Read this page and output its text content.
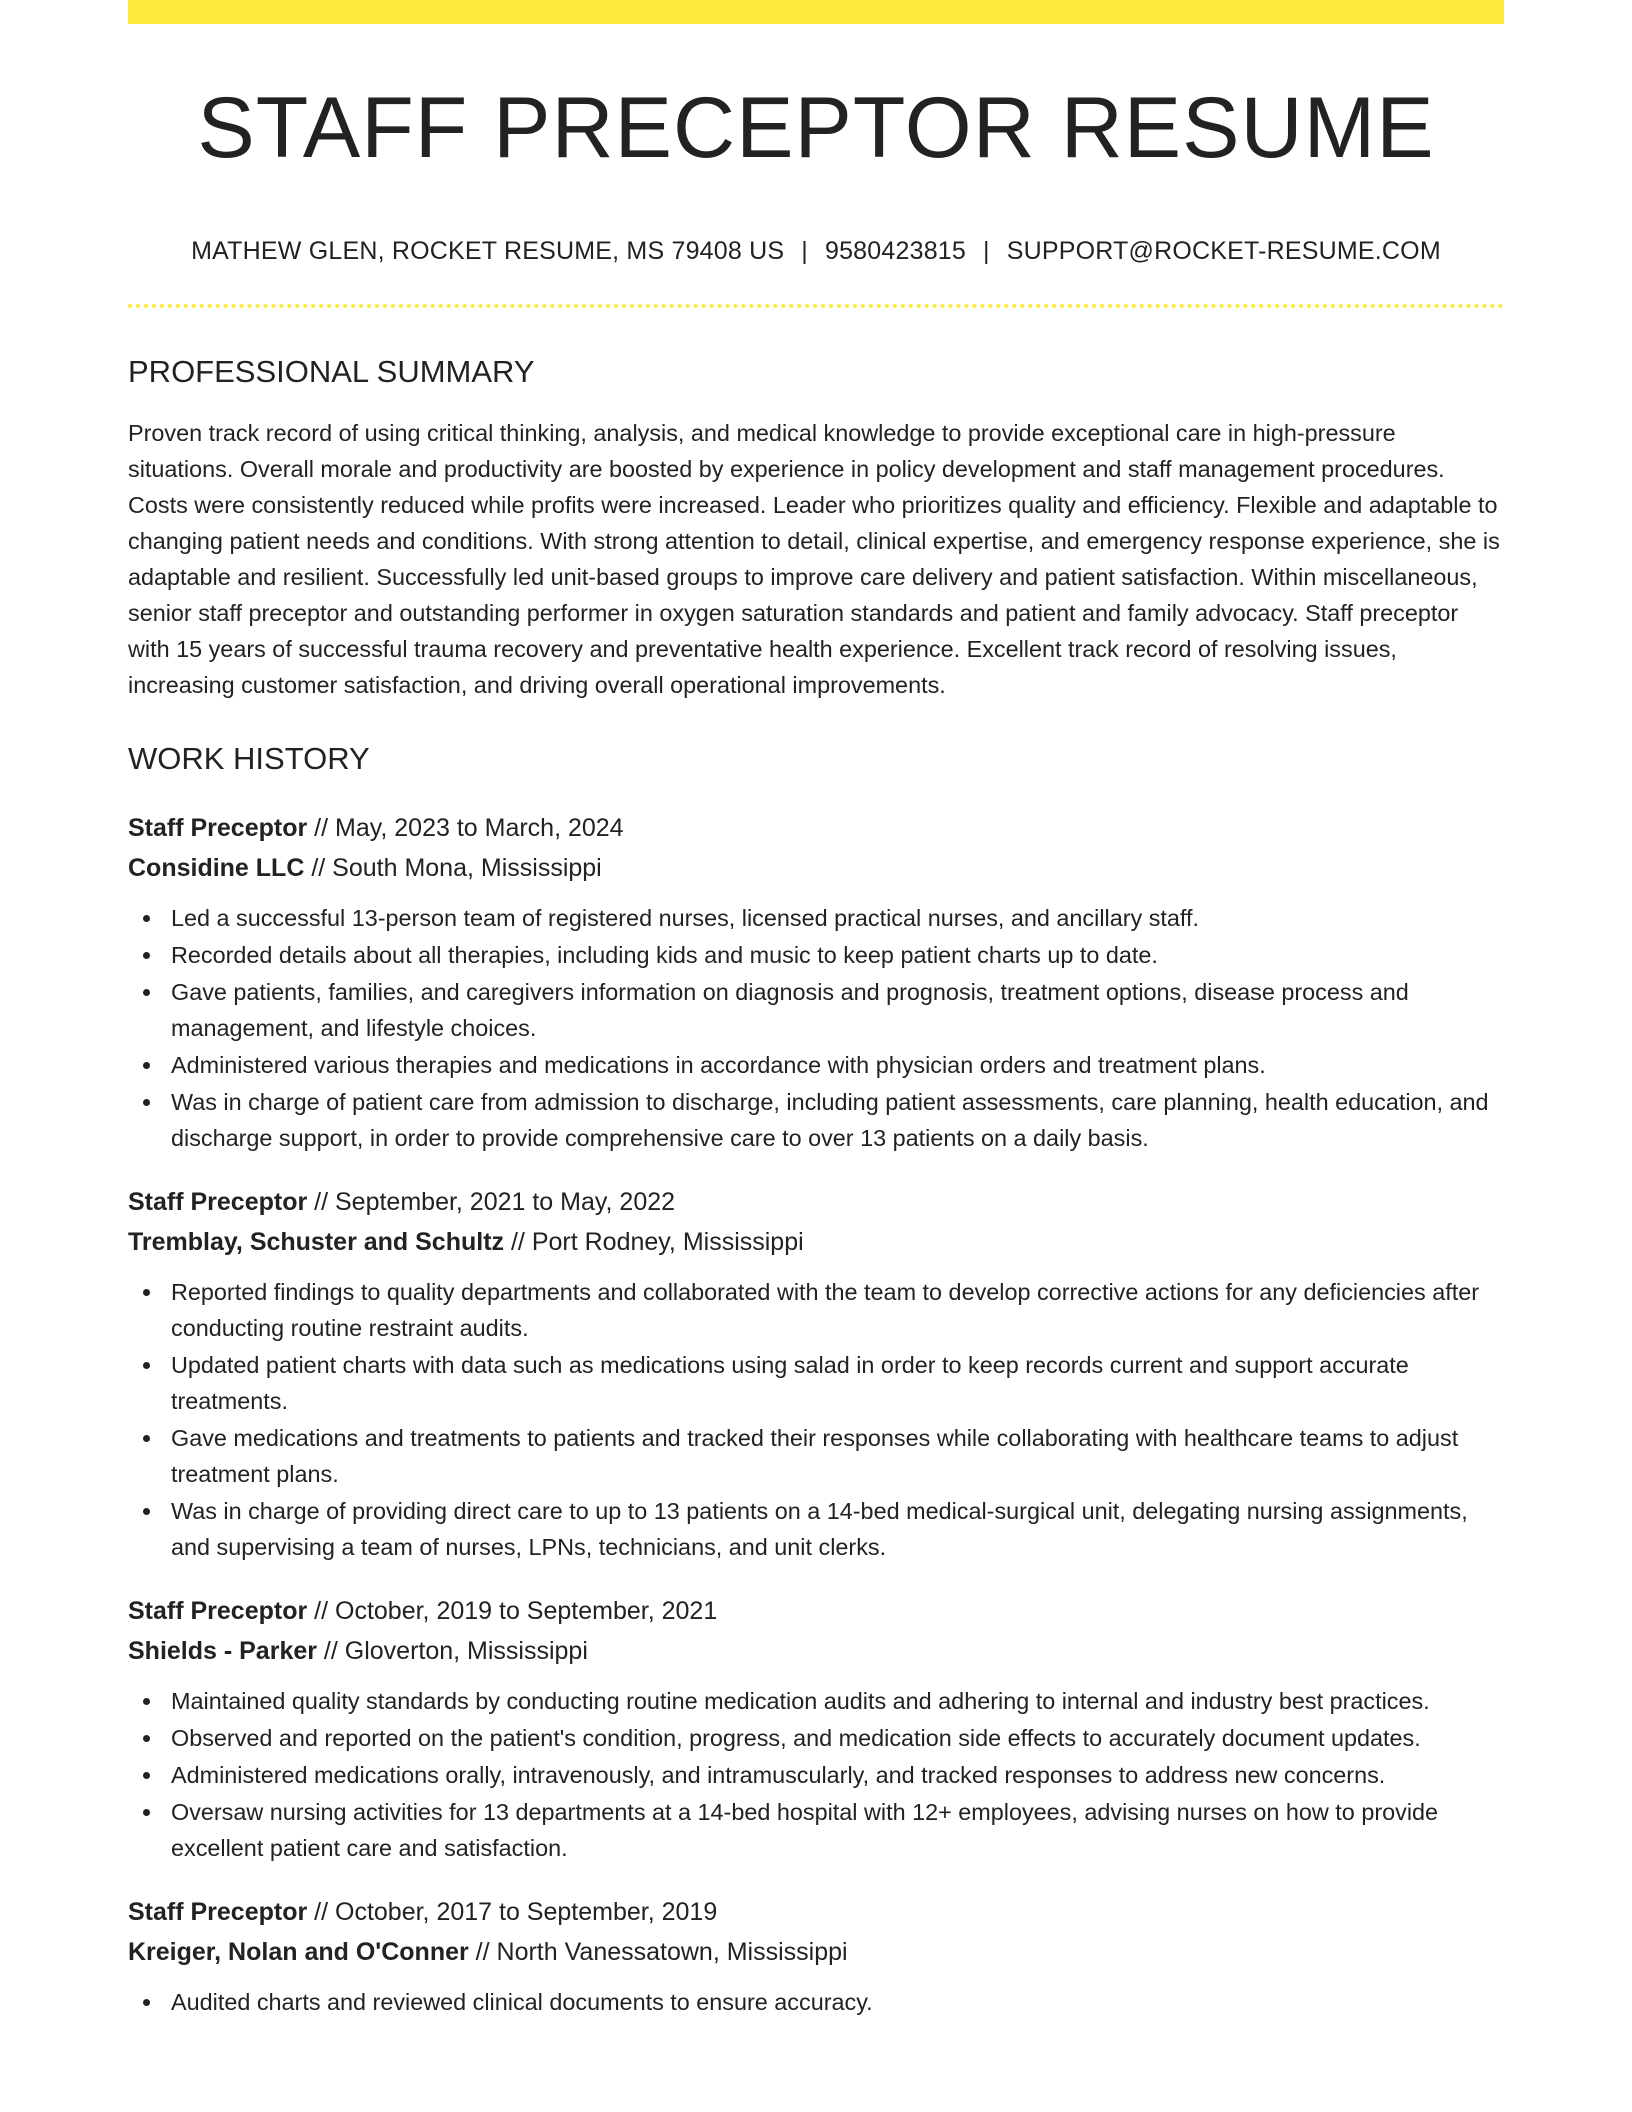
STAFF PRECEPTOR RESUME
MATHEW GLEN, ROCKET RESUME, MS 79408 US | 9580423815 | SUPPORT@ROCKET-RESUME.COM
PROFESSIONAL SUMMARY

Proven track record of using critical thinking, analysis, and medical knowledge to provide exceptional care in high-pressure situations. Overall morale and productivity are boosted by experience in policy development and staff management procedures. Costs were consistently reduced while profits were increased. Leader who prioritizes quality and efficiency. Flexible and adaptable to changing patient needs and conditions. With strong attention to detail, clinical expertise, and emergency response experience, she is adaptable and resilient. Successfully led unit-based groups to improve care delivery and patient satisfaction. Within miscellaneous, senior staff preceptor and outstanding performer in oxygen saturation standards and patient and family advocacy. Staff preceptor with 15 years of successful trauma recovery and preventative health experience. Excellent track record of resolving issues, increasing customer satisfaction, and driving overall operational improvements.

WORK HISTORY
Staff Preceptor // May, 2023 to March, 2024
Considine LLC // South Mona, Mississippi
Led a successful 13-person team of registered nurses, licensed practical nurses, and ancillary staff.
Recorded details about all therapies, including kids and music to keep patient charts up to date.
Gave patients, families, and caregivers information on diagnosis and prognosis, treatment options, disease process and management, and lifestyle choices.
Administered various therapies and medications in accordance with physician orders and treatment plans.
Was in charge of patient care from admission to discharge, including patient assessments, care planning, health education, and discharge support, in order to provide comprehensive care to over 13 patients on a daily basis.
Staff Preceptor // September, 2021 to May, 2022
Tremblay, Schuster and Schultz // Port Rodney, Mississippi
Reported findings to quality departments and collaborated with the team to develop corrective actions for any deficiencies after conducting routine restraint audits.
Updated patient charts with data such as medications using salad in order to keep records current and support accurate treatments.
Gave medications and treatments to patients and tracked their responses while collaborating with healthcare teams to adjust treatment plans.
Was in charge of providing direct care to up to 13 patients on a 14-bed medical-surgical unit, delegating nursing assignments, and supervising a team of nurses, LPNs, technicians, and unit clerks.
Staff Preceptor // October, 2019 to September, 2021
Shields - Parker // Gloverton, Mississippi
Maintained quality standards by conducting routine medication audits and adhering to internal and industry best practices.
Observed and reported on the patient's condition, progress, and medication side effects to accurately document updates.
Administered medications orally, intravenously, and intramuscularly, and tracked responses to address new concerns.
Oversaw nursing activities for 13 departments at a 14-bed hospital with 12+ employees, advising nurses on how to provide excellent patient care and satisfaction.
Staff Preceptor // October, 2017 to September, 2019
Kreiger, Nolan and O'Conner // North Vanessatown, Mississippi
Audited charts and reviewed clinical documents to ensure accuracy.
